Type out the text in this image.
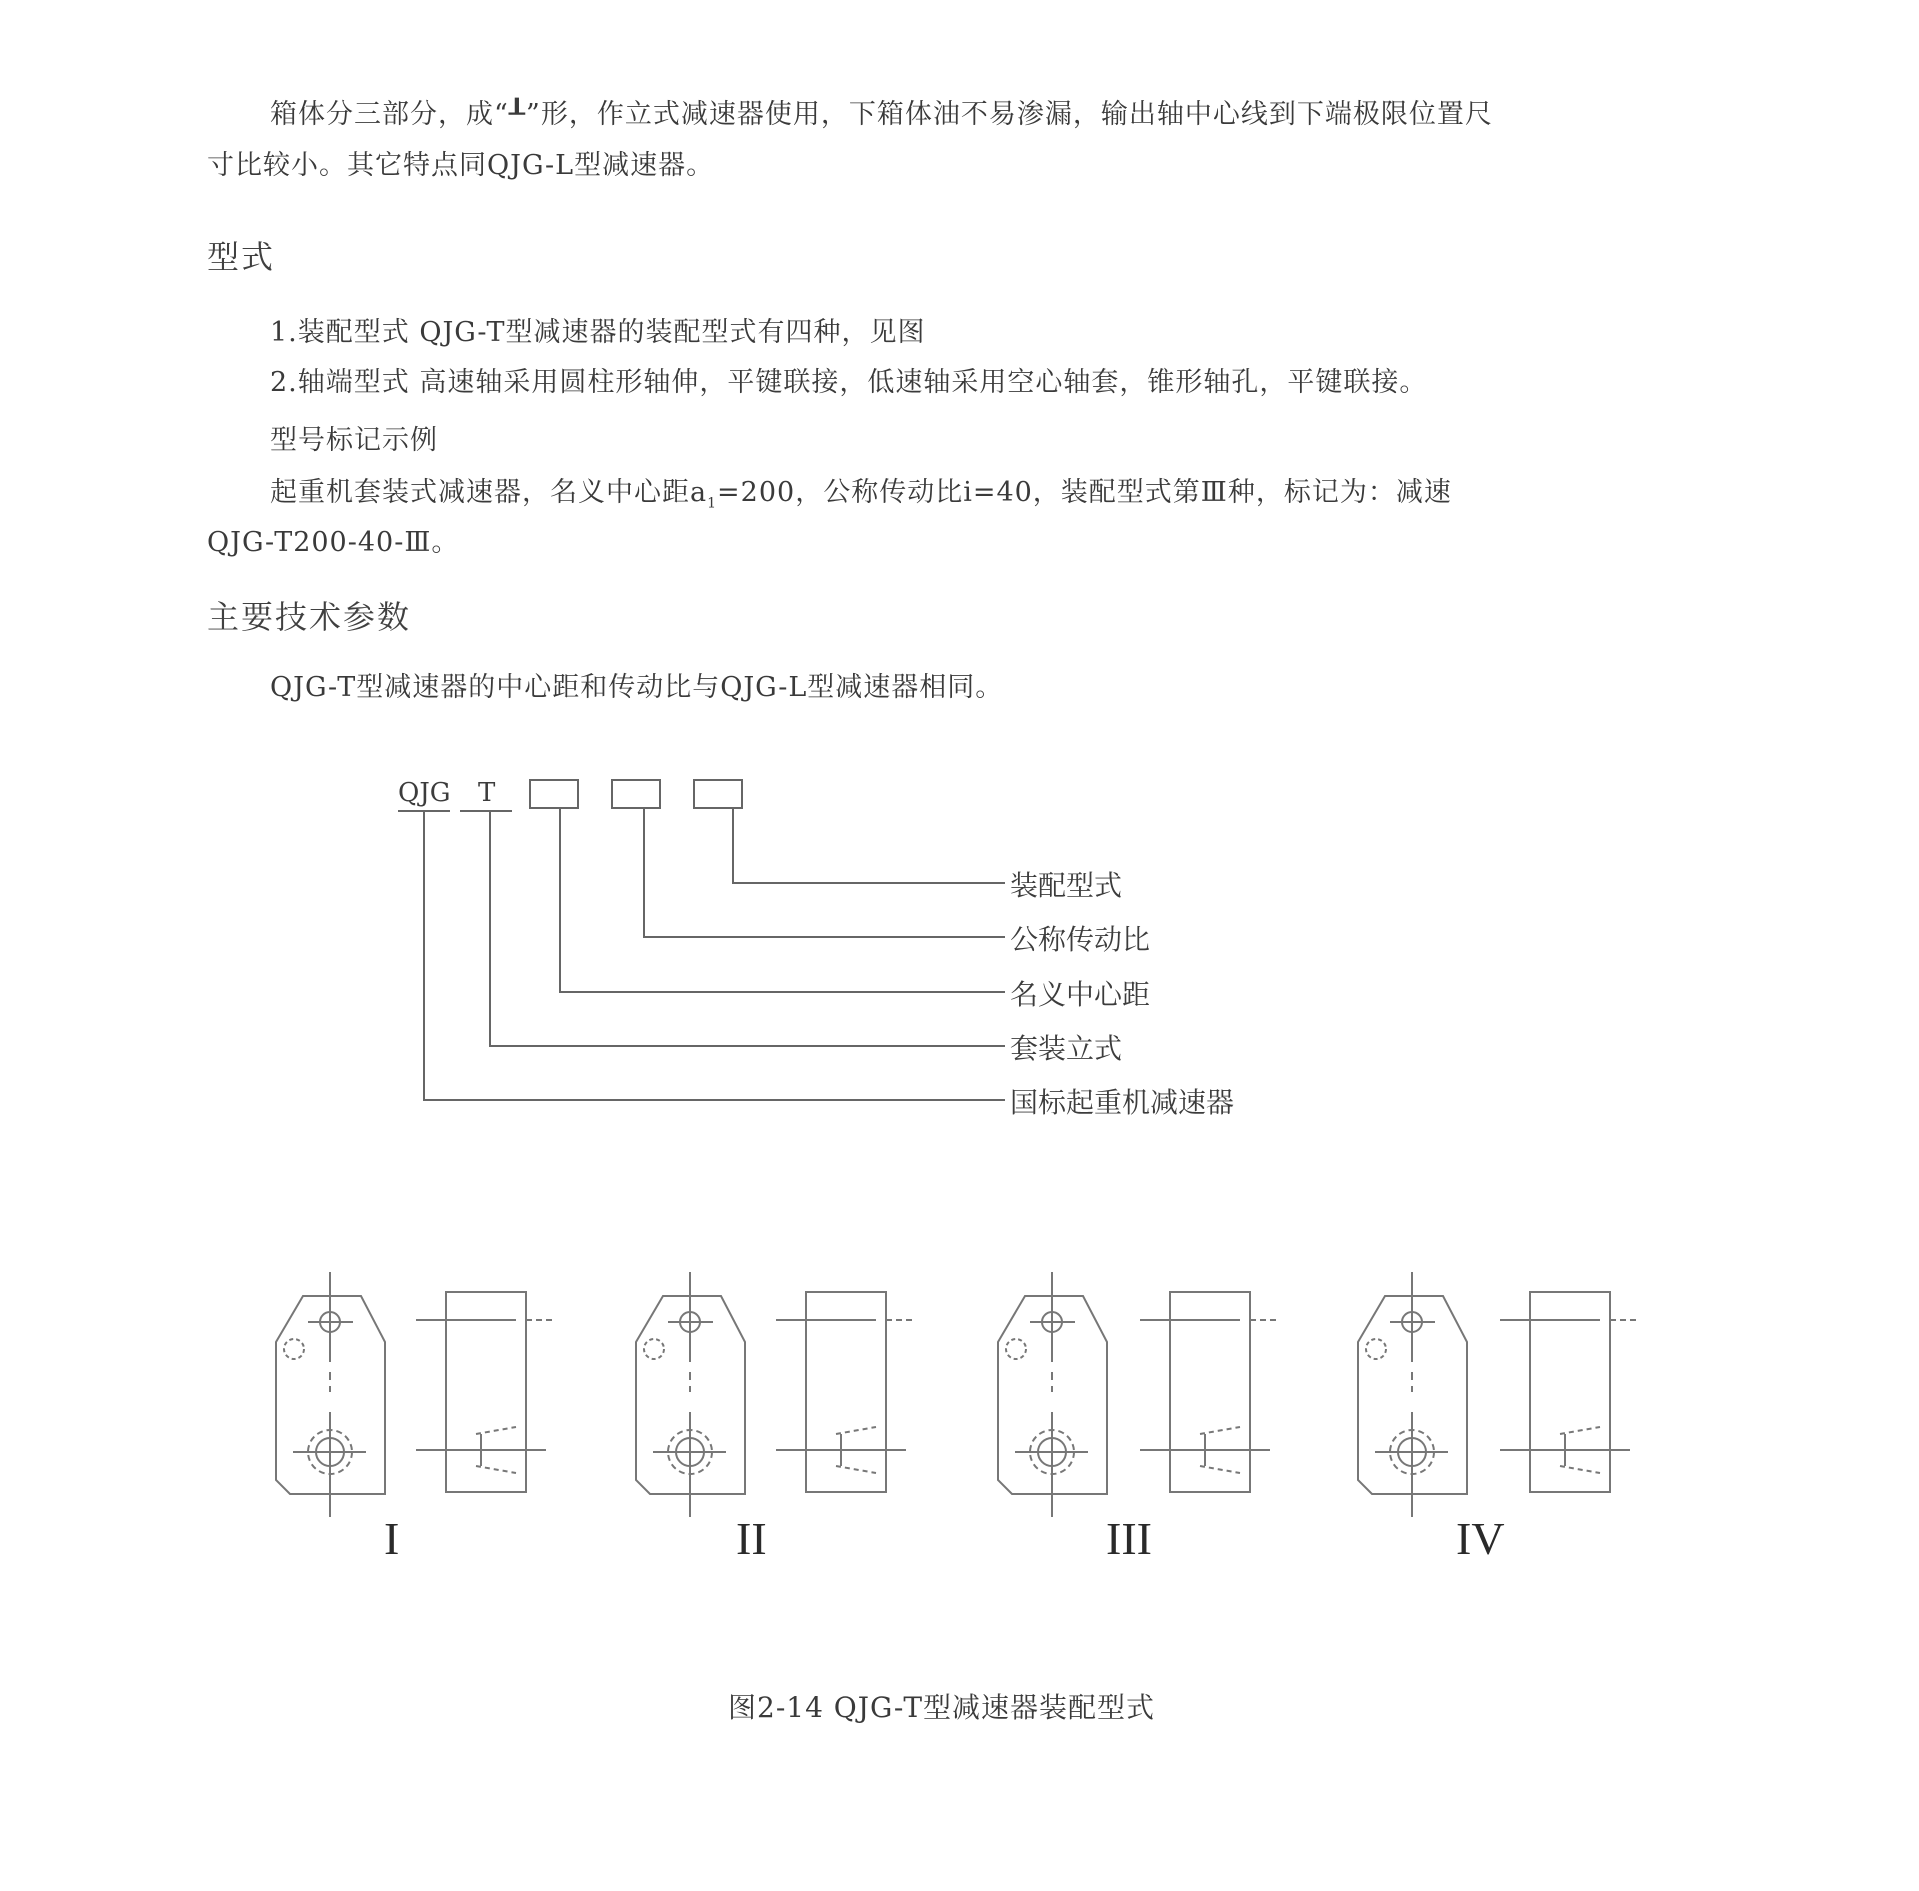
箱体分三部分，成“┸”形，作立式减速器使用，下箱体油不易渗漏，输出轴中心线到下端极限位置尺
寸比较小。其它特点同QJG-L型减速器。
型式
1.装配型式 QJG-T型减速器的装配型式有四种，见图
2.轴端型式 高速轴采用圆柱形轴伸，平键联接，低速轴采用空心轴套，锥形轴孔，平键联接。
型号标记示例
起重机套装式减速器，名义中心距$a_1=200$，公称传动比i=40，装配型式第Ⅲ种，标记为：减速
QJG-T200-40-Ⅲ。
主要技术参数
QJG-T型减速器的中心距和传动比与QJG-L型减速器相同。
QJG T
装配型式
公称传动比
名义中心距
套装立式
国标起重机减速器
I	II	III	IV
图2-14 QJG-T型减速器装配型式
